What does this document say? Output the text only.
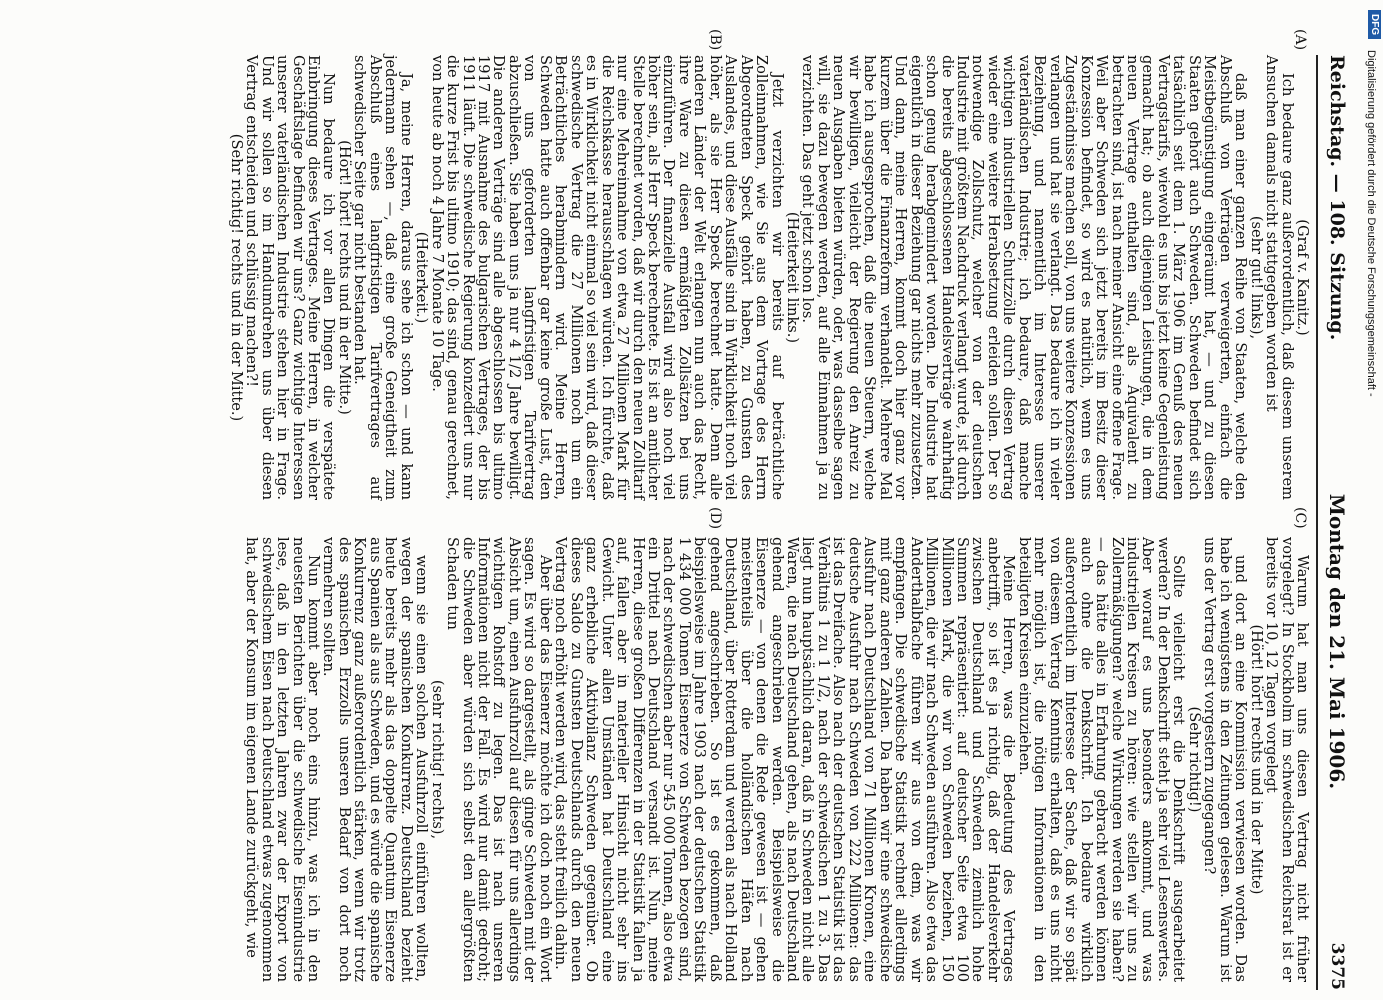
Reichstag. — 108. Sitzung.
Montag den 21. Mai 1906.
3375
(A)
(B)
(C)
(D)

(Graf v. Kanitz.)

Ich bedaure ganz außerordentlich, daß diesem unserem Ansuchen damals nicht stattgegeben worden ist

(sehr gut! links),

daß man einer ganzen Reihe von Staaten, welche den Abschluß von Verträgen verweigerten, einfach die Meistbegünstigung eingeräumt hat, — und zu diesen Staaten gehört auch Schweden. Schweden befindet sich tatsächlich seit dem 1. März 1906 im Genuß des neuen Vertragstarifs, wiewohl es uns bis jetzt keine Gegenleistung gemacht hat; ob auch diejenigen Leistungen, die in dem neuen Vertrage enthalten sind, als Äquivalent zu betrachten sind, ist nach meiner Ansicht eine offene Frage. Weil aber Schweden sich jetzt bereits im Besitz dieser Konzession befindet, so wird es natürlich, wenn es uns Zugeständnisse machen soll, von uns weitere Konzessionen verlangen und hat sie verlangt. Das bedaure ich in vieler Beziehung, und namentlich im Interesse unserer vaterländischen Industrie; ich bedaure, daß manche wichtigen industriellen Schutzzölle durch diesen Vertrag wieder eine weitere Herabsetzung erleiden sollen. Der so notwendige Zollschutz, welcher von der deutschen Industrie mit größtem Nachdruck verlangt wurde, ist durch die bereits abgeschlossenen Handelsverträge wahrhaftig schon genug herabgemindert worden. Die Industrie hat eigentlich in dieser Beziehung gar nichts mehr zuzusetzen. Und dann, meine Herren, kommt doch hier ganz vor kurzem über die Finanzreform verhandelt. Mehrere Mal habe ich ausgesprochen, daß die neuen Steuern, welche wir bewilligen, vielleicht der Regierung den Anreiz zu neuen Ausgaben bieten würden, oder, was dasselbe sagen will, sie dazu bewegen werden, auf alle Einnahmen ja zu verzichten. Das geht jetzt schon los.

(Heiterkeit links.)

Jetzt verzichten wir bereits auf beträchtliche Zolleinnahmen, wie Sie aus dem Vortrage des Herrn Abgeordneten Speck gehört haben, zu Gunsten des Auslandes, und diese Ausfälle sind in Wirklichkeit noch viel höher, als sie Herr Speck berechnet hatte. Denn alle anderen Länder der Welt erlangen nun auch das Recht, ihre Ware zu diesen ermäßigten Zollsätzen bei uns einzuführen. Der finanzielle Ausfall wird also noch viel höher sein, als Herr Speck berechnete. Es ist an amtlicher Stelle berechnet worden, daß wir durch den neuen Zolltarif nur eine Mehreinnahme von etwa 27 Millionen Mark für die Reichskasse herausschlagen würden. Ich fürchte, daß es in Wirklichkeit nicht einmal so viel sein wird, daß dieser schwedische Vertrag die 27 Millionen noch um ein Beträchtliches herabmindern wird. Meine Herren, Schweden hatte auch offenbar gar keine große Lust, den von uns geforderten langfristigen Tarifvertrag abzuschließen. Sie haben uns ja nur 4 1/2 Jahre bewilligt. Die anderen Verträge sind alle abgeschlossen bis ultimo 1917 mit Ausnahme des bulgarischen Vertrages, der bis 1911 läuft. Die schwedische Regierung konzediert uns nur die kurze Frist bis ultimo 1910; das sind, genau gerechnet, von heute ab noch 4 Jahre 7 Monate 10 Tage.

(Heiterkeit.)

Ja, meine Herren, daraus sehe ich schon — und kann jedermann sehen —, daß eine große Geneigtheit zum Abschluß eines langfristigen Tarifvertrages auf schwedischer Seite gar nicht bestanden hat.

(Hört! hört! rechts und in der Mitte.)

Nun bedaure ich vor allen Dingen die verspätete Einbringung dieses Vertrages. Meine Herren, in welcher Geschäftslage befinden wir uns? Ganz wichtige Interessen unserer vaterländischen Industrie stehen hier in Frage. Und wir sollen so im Handumdrehen uns über diesen Vertrag entscheiden und schlüssig machen?!

(Sehr richtig! rechts und in der Mitte.)

Warum hat man uns diesen Vertrag nicht früher vorgelegt? In Stockholm im schwedischen Reichsrat ist er bereits vor 10, 12 Tagen vorgelegt

(Hört! hört! rechts und in der Mitte)

und dort an eine Kommission verwiesen worden. Das habe ich wenigstens in den Zeitungen gelesen. Warum ist uns der Vertrag erst vorgestern zugegangen?

(Sehr richtig!)

Sollte vielleicht erst die Denkschrift ausgearbeitet werden? In der Denkschrift steht ja sehr viel Lesenswertes. Aber worauf es uns besonders ankommt, und was industriellen Kreisen zu hören: wie stellen wir uns zu Zollermäßigungen? welche Wirkungen werden sie haben? — das hätte alles in Erfahrung gebracht werden können auch ohne die Denkschrift. Ich bedaure wirklich außerordentlich im Interesse der Sache, daß wir so spät von diesem Vertrag Kenntnis erhalten, daß es uns nicht mehr möglich ist, die nötigen Informationen in den beteiligten Kreisen einzuziehen.

Meine Herren, was die Bedeutung des Vertrages anbetrifft, so ist es ja richtig, daß der Handelsverkehr zwischen Deutschland und Schweden ziemlich hohe Summen repräsentiert: auf deutscher Seite etwa 100 Millionen Mark, die wir von Schweden beziehen, 150 Millionen, die wir nach Schweden ausführen. Also etwa das Anderthalbfache führen wir aus von dem, was wir empfangen. Die schwedische Statistik rechnet allerdings mit ganz anderen Zahlen. Da haben wir eine schwedische Ausfuhr nach Deutschland von 71 Millionen Kronen, eine deutsche Ausfuhr nach Schweden von 222 Millionen: das ist das Dreifache. Also nach der deutschen Statistik ist das Verhältnis 1 zu 1 1/2, nach der schwedischen 1 zu 3. Das liegt nun hauptsächlich daran, daß in Schweden nicht alle Waren, die nach Deutschland gehen, als nach Deutschland gehend angeschrieben werden. Beispielsweise die Eisenerze — von denen die Rede gewesen ist — gehen meistenteils über die holländischen Häfen nach Deutschland, über Rotterdam und werden als nach Holland gehend angeschrieben. So ist es gekommen, daß beispielsweise im Jahre 1903 nach der deutschen Statistik 1 434 000 Tonnen Eisenerze von Schweden bezogen sind, nach der schwedischen aber nur 545 000 Tonnen, also etwa ein Drittel nach Deutschland versandt ist. Nun, meine Herren, diese großen Differenzen in der Statistik fallen ja auf, fallen aber in materieller Hinsicht nicht sehr ins Gewicht. Unter allen Umständen hat Deutschland eine ganz erhebliche Aktivbilanz Schweden gegenüber. Ob dieses Saldo zu Gunsten Deutschlands durch den neuen Vertrag noch erhöht werden wird, das steht freilich dahin.

Aber über das Eisenerz möchte ich doch noch ein Wort sagen. Es wird so dargestellt, als ginge Schweden mit der Absicht um, einen Ausfuhrzoll auf diesen für uns allerdings wichtigen Rohstoff zu legen. Das ist nach unseren Informationen nicht der Fall. Es wird nur damit gedroht; die Schweden aber würden sich selbst den allergrößten Schaden tun

(sehr richtig! rechts),

wenn sie einen solchen Ausfuhrzoll einführen wollten, wegen der spanischen Konkurrenz. Deutschland bezieht heute bereits mehr als das doppelte Quantum Eisenerze aus Spanien als aus Schweden, und es würde die spanische Konkurrenz ganz außerordentlich stärken, wenn wir trotz des spanischen Erzzolls unseren Bedarf von dort noch vermehren sollten.

Nun kommt aber noch eins hinzu, was ich in den neuesten Berichten über die schwedische Eisenindustrie lese, daß in den letzten Jahren zwar der Export von schwedischem Eisen nach Deutschland etwas zugenommen hat, aber der Konsum im eigenen Lande zurückgeht, wie

DFG
Digitalisierung gefördert durch die Deutsche Forschungsgemeinschaft -
